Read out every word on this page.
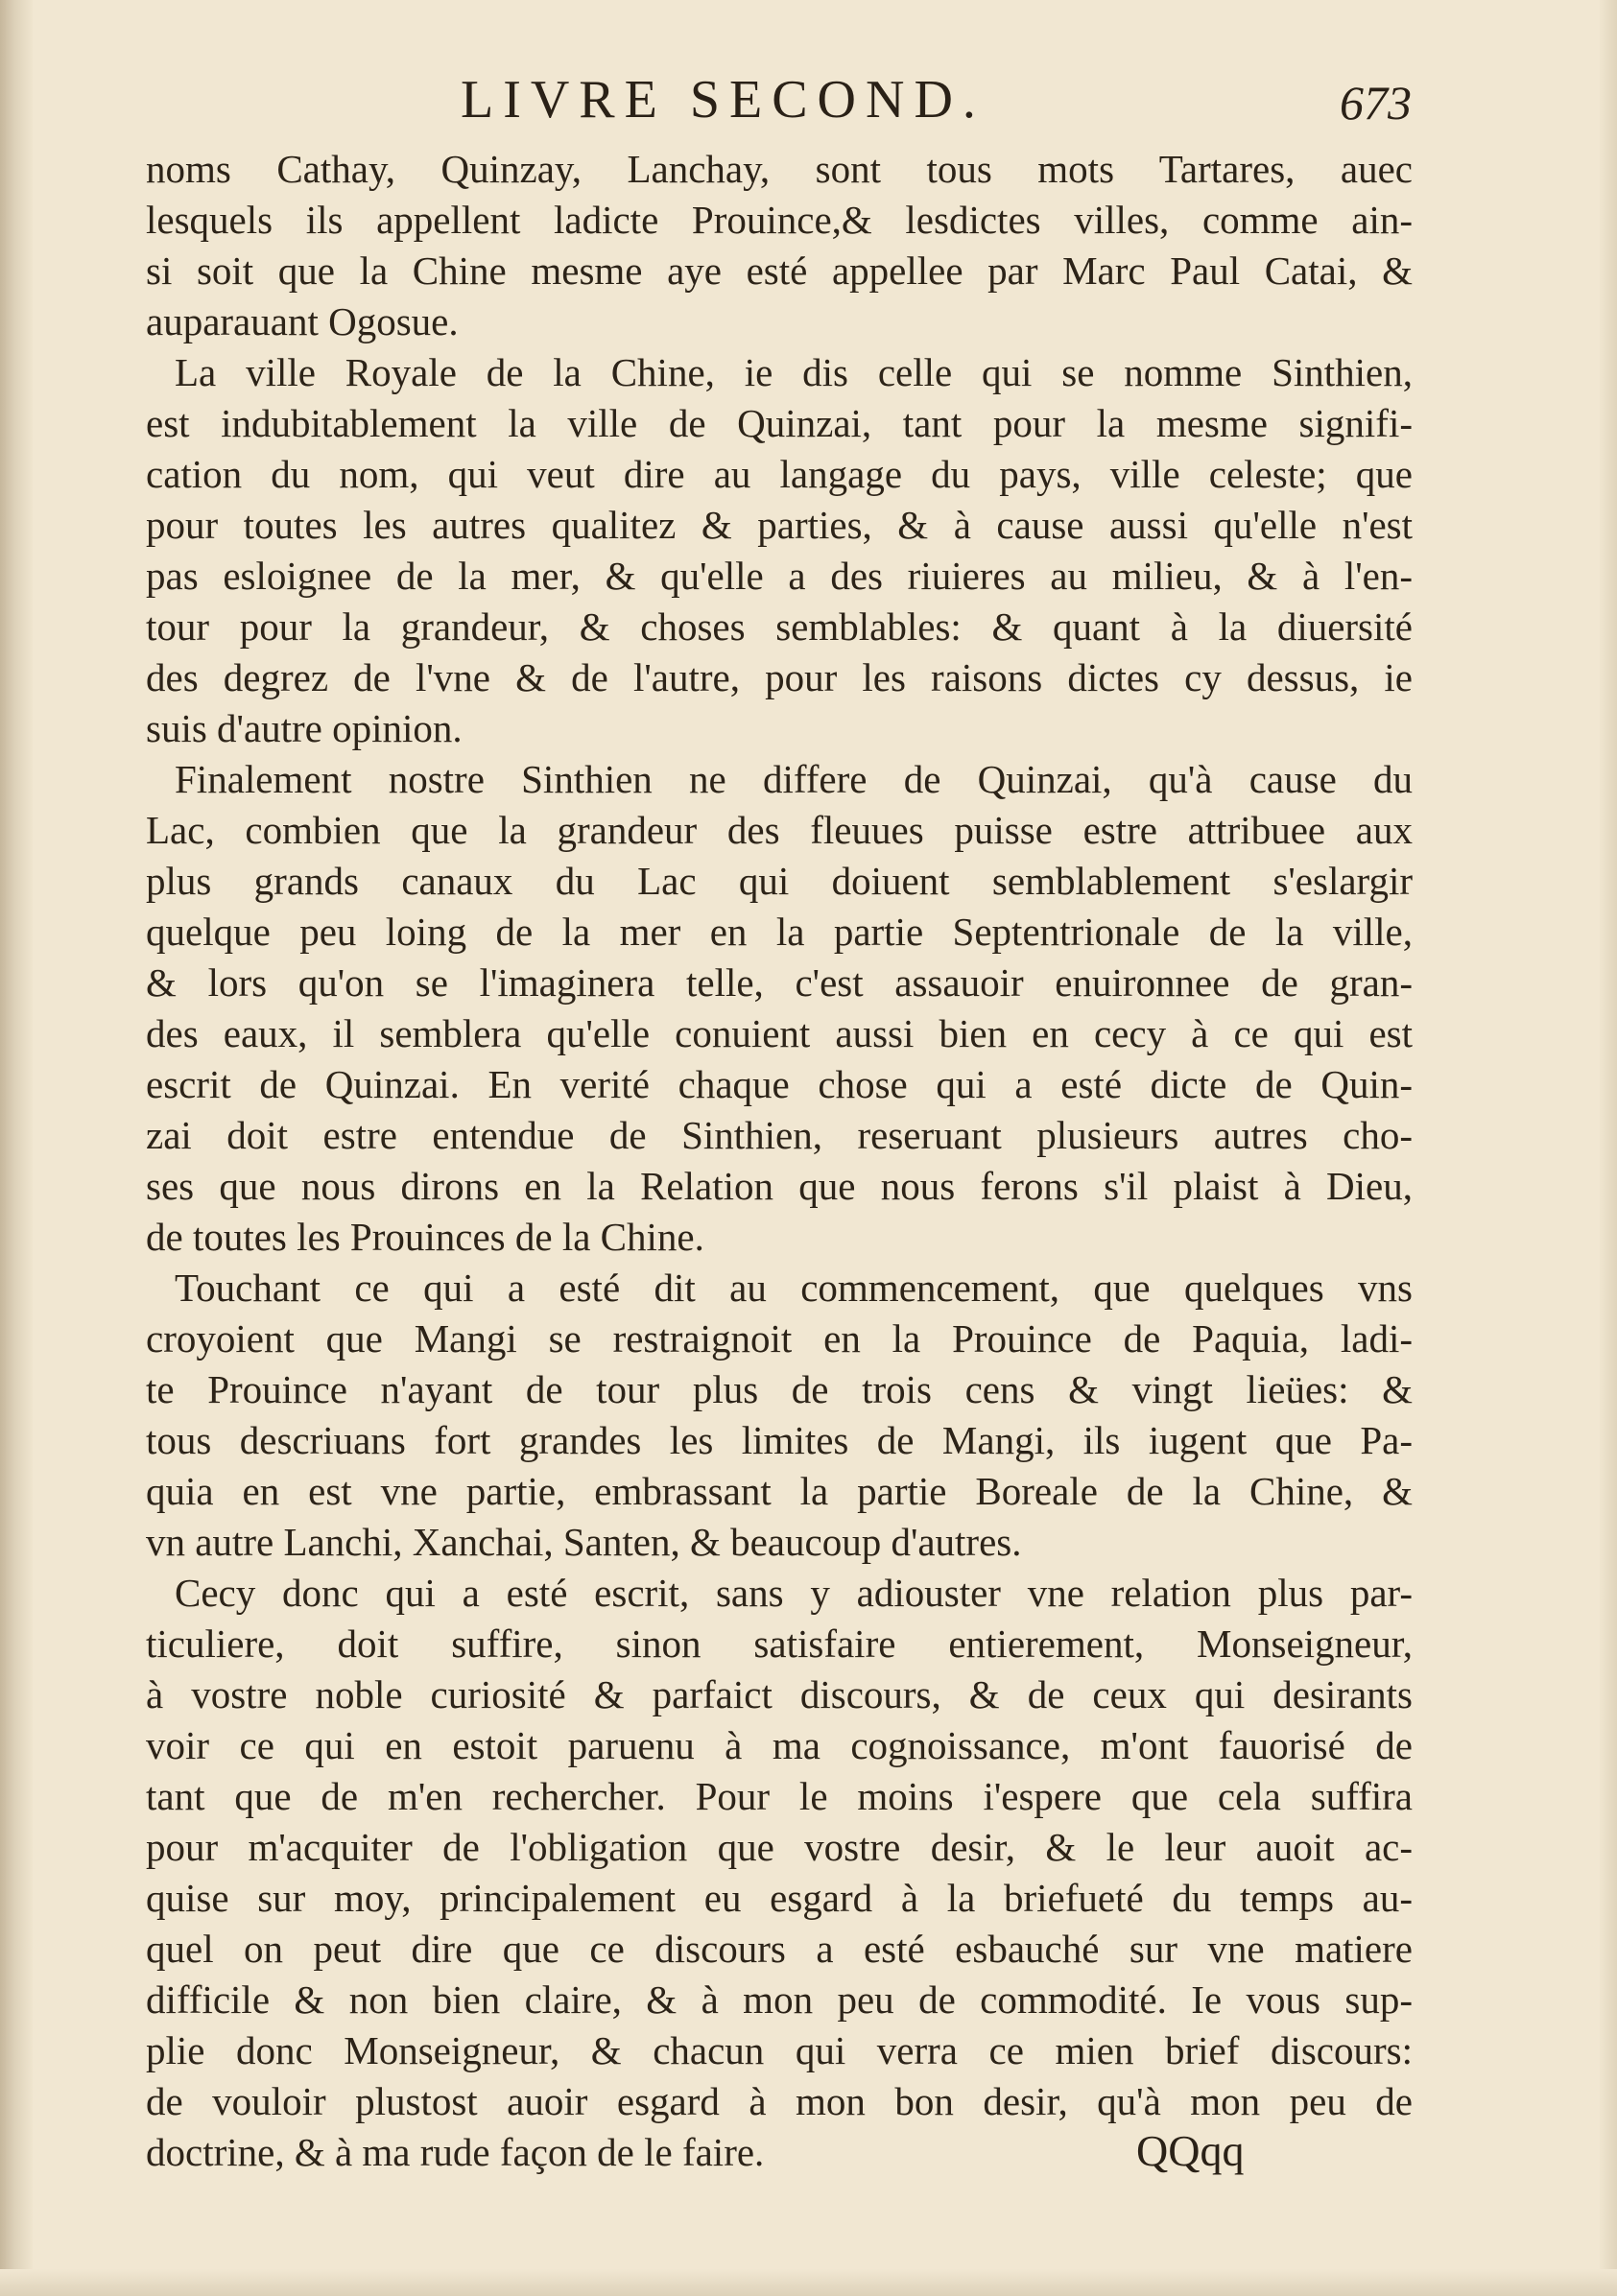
LIVRE SECOND.	673
noms Cathay, Quinzay, Lanchay, sont tous mots Tartares, auec
lesquels ils appellent ladicte Prouince,& lesdictes villes, comme ain-
si soit que la Chine mesme aye esté appellee par Marc Paul Catai, &
auparauant Ogosue.
La ville Royale de la Chine, ie dis celle qui se nomme Sinthien,
est indubitablement la ville de Quinzai, tant pour la mesme signifi-
cation du nom, qui veut dire au langage du pays, ville celeste; que
pour toutes les autres qualitez & parties, & à cause aussi qu'elle n'est
pas esloignee de la mer, & qu'elle a des riuieres au milieu, & à l'en-
tour pour la grandeur, & choses semblables: & quant à la diuersité
des degrez de l'vne & de l'autre, pour les raisons dictes cy dessus, ie
suis d'autre opinion.
Finalement nostre Sinthien ne differe de Quinzai, qu'à cause du
Lac, combien que la grandeur des fleuues puisse estre attribuee aux
plus grands canaux du Lac qui doiuent semblablement s'eslargir
quelque peu loing de la mer en la partie Septentrionale de la ville,
& lors qu'on se l'imaginera telle, c'est assauoir enuironnee de gran-
des eaux, il semblera qu'elle conuient aussi bien en cecy à ce qui est
escrit de Quinzai. En verité chaque chose qui a esté dicte de Quin-
zai doit estre entendue de Sinthien, reseruant plusieurs autres cho-
ses que nous dirons en la Relation que nous ferons s'il plaist à Dieu,
de toutes les Prouinces de la Chine.
Touchant ce qui a esté dit au commencement, que quelques vns
croyoient que Mangi se restraignoit en la Prouince de Paquia, ladi-
te Prouince n'ayant de tour plus de trois cens & vingt lieües: &
tous descriuans fort grandes les limites de Mangi, ils iugent que Pa-
quia en est vne partie, embrassant la partie Boreale de la Chine, &
vn autre Lanchi, Xanchai, Santen, & beaucoup d'autres.
Cecy donc qui a esté escrit, sans y adiouster vne relation plus par-
ticuliere, doit suffire, sinon satisfaire entierement, Monseigneur,
à vostre noble curiosité & parfaict discours, & de ceux qui desirants
voir ce qui en estoit paruenu à ma cognoissance, m'ont fauorisé de
tant que de m'en rechercher. Pour le moins i'espere que cela suffira
pour m'acquiter de l'obligation que vostre desir, & le leur auoit ac-
quise sur moy, principalement eu esgard à la briefueté du temps au-
quel on peut dire que ce discours a esté esbauché sur vne matiere
difficile & non bien claire, & à mon peu de commodité. Ie vous sup-
plie donc Monseigneur, & chacun qui verra ce mien brief discours:
de vouloir plustost auoir esgard à mon bon desir, qu'à mon peu de
doctrine, & à ma rude façon de le faire.	QQqq
